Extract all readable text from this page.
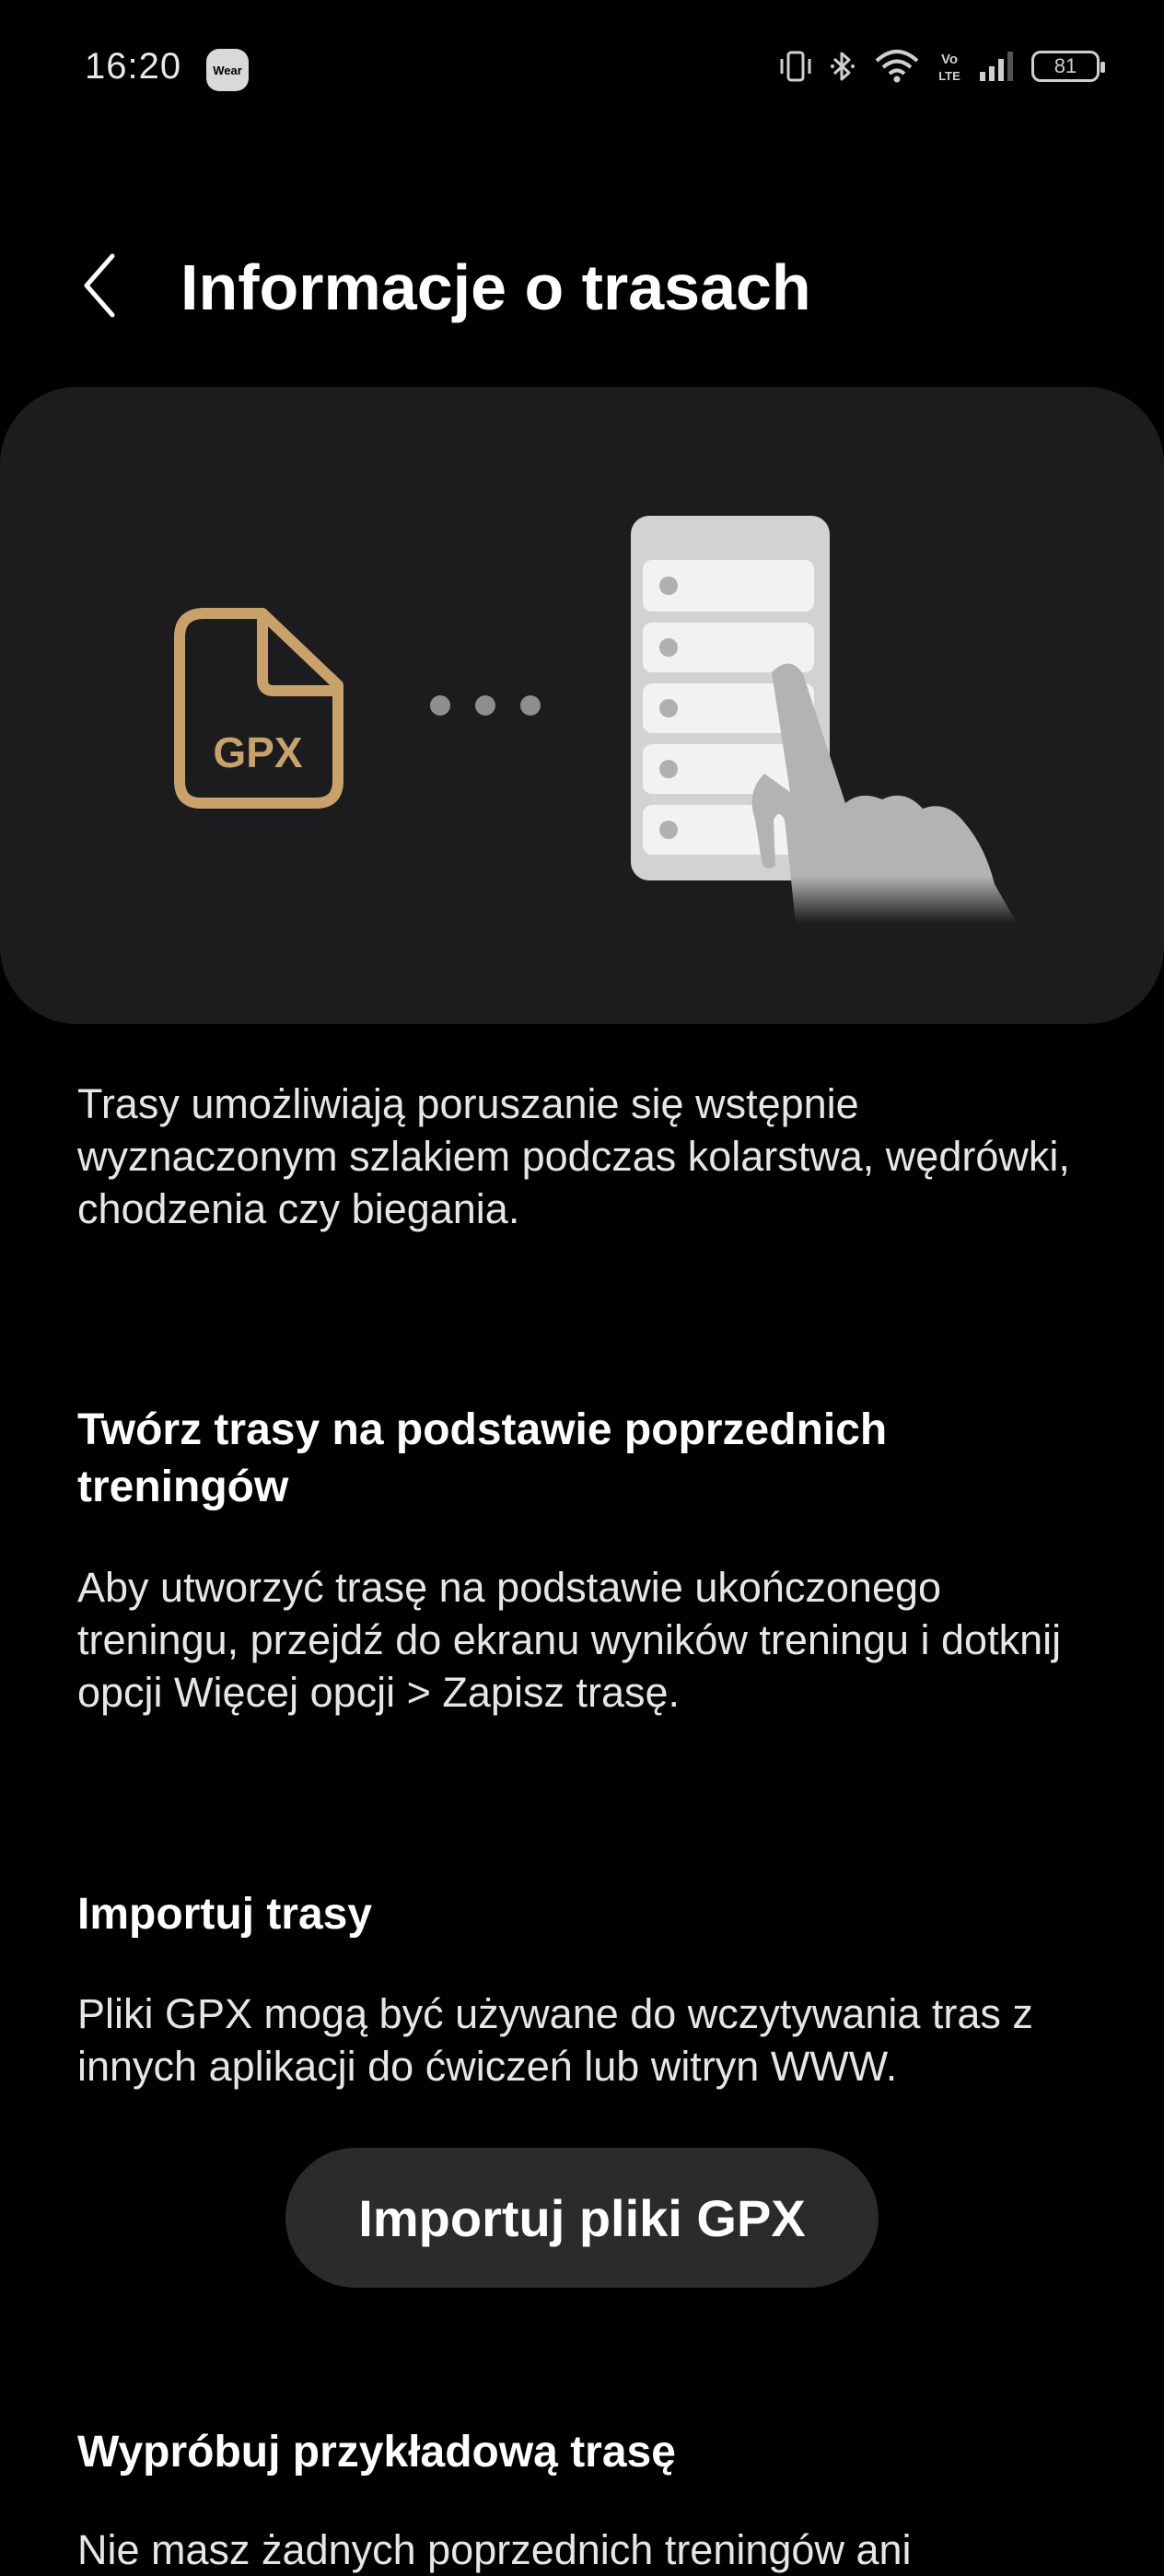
16:20	Wear
Vo
LTE	81
Informacje o trasach
GPX
Trasy umożliwiają poruszanie się wstępnie wyznaczonym szlakiem podczas kolarstwa, wędrówki, chodzenia czy biegania.
Twórz trasy na podstawie poprzednich treningów
Aby utworzyć trasę na podstawie ukończonego treningu, przejdź do ekranu wyników treningu i dotknij opcji Więcej opcji > Zapisz trasę.
Importuj trasy
Pliki GPX mogą być używane do wczytywania tras z innych aplikacji do ćwiczeń lub witryn WWW.
Importuj pliki GPX
Wypróbuj przykładową trasę
Nie masz żadnych poprzednich treningów ani
